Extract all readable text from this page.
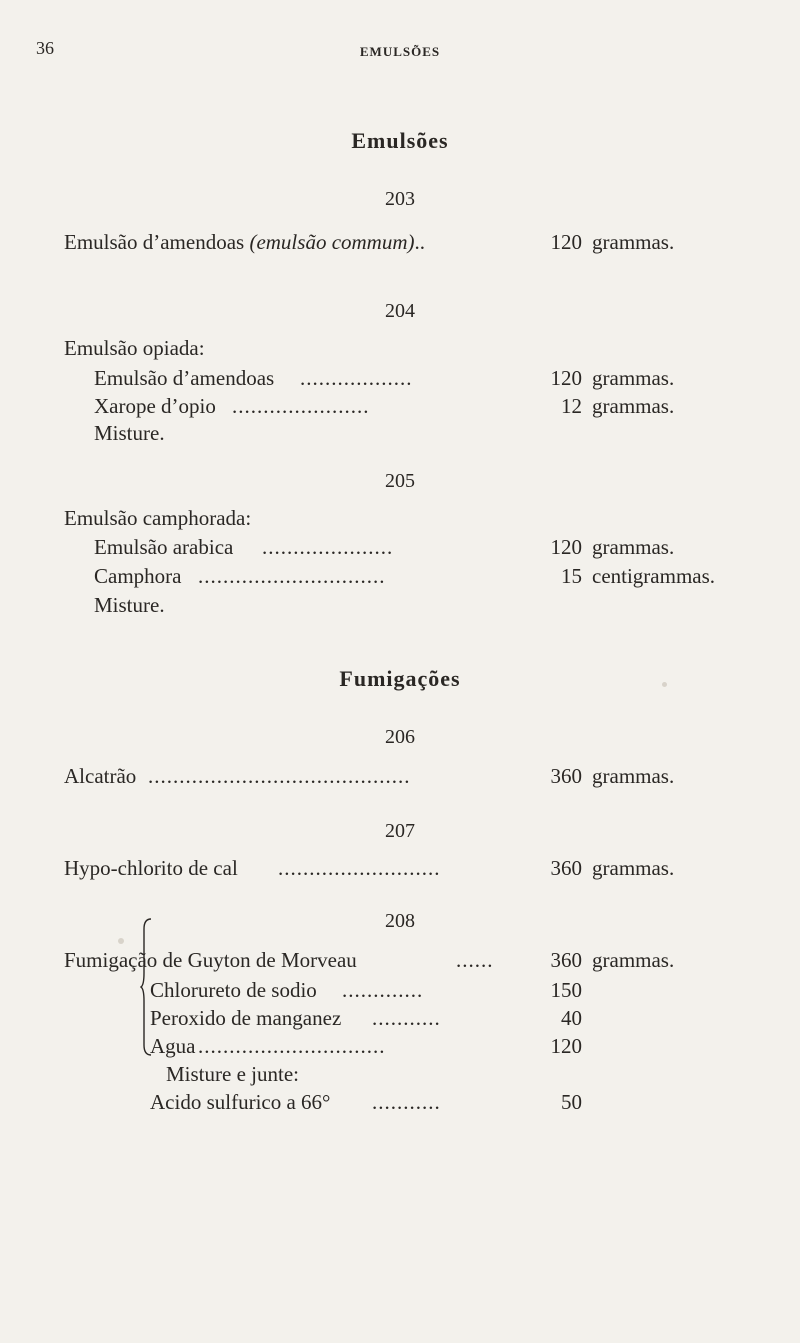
36	EMULSÕES
Emulsões
203
Emulsão d’amendoas (emulsão commum)..	120 grammas.
204
Emulsão opiada:
Emulsão d’amendoas ..................	120 grammas.
Xarope d’opio ......................	12 grammas.
Misture.
205
Emulsão camphorada:
Emulsão arabica .....................	120 grammas.
Camphora ..............................	15 centigrammas.
Misture.
Fumigações
206
Alcatrão ..........................................	360 grammas.
207
Hypo-chlorito de cal ..........................	360 grammas.
208
Fumigação de Guyton de Morveau	......	360 grammas.
Chlorureto de sodio .............	150
Peroxido de manganez ...........	40
Agua ..............................	120
Misture e junte:
Acido sulfurico a 66° ...........	50
